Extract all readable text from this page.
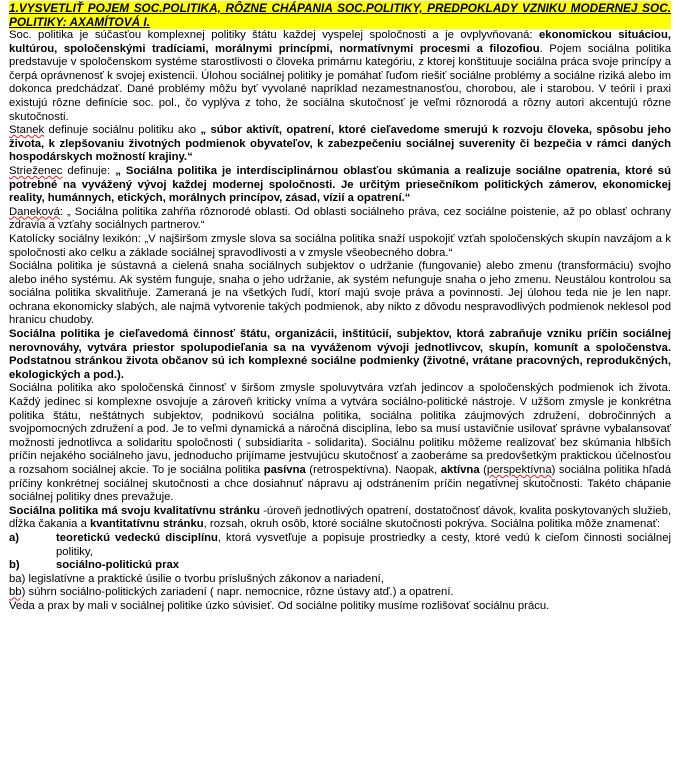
1.VYSVETLIŤ POJEM SOC.POLITIKA, RÔZNE CHÁPANIA SOC.POLITIKY, PREDPOKLADY VZNIKU MODERNEJ SOC. POLITIKY: AXAMÍTOVÁ I.
Soc. politika je súčasťou komplexnej politiky štátu každej vyspelej spoločnosti a je ovplyvňovaná: ekonomickou situáciou, kultúrou, spoločenskými tradíciami, morálnymi princípmi, normatívnymi procesmi a filozofiou. Pojem sociálna politika predstavuje v spoločenskom systéme starostlivosti o človeka primárnu kategóriu, z ktorej konštituuje sociálna práca svoje princípy a čerpá oprávnenosť k svojej existencii. Úlohou sociálnej politiky je pomáhať ľuďom riešiť sociálne problémy a sociálne riziká alebo im dokonca predchádzať. Dané problémy môžu byť vyvolané napríklad nezamestnanosťou, chorobou, ale i starobou. V teórii i praxi existujú rôzne definície soc. pol., čo vyplýva z toho, že sociálna skutočnosť je veľmi rôznorodá a rôzny autori akcentujú rôzne skutočnosti.
Stanek definuje sociálnu politiku ako „ súbor aktivít, opatrení, ktoré cieľavedome smerujú k rozvoju človeka, spôsobu jeho života, k zlepšovaniu životných podmienok obyvateľov, k zabezpečeniu sociálnej suverenity či bezpečia v rámci daných hospodárskych možností krajiny.“
Strieženec definuje: „ Sociálna politika je interdisciplinárnou oblasťou skúmania a realizuje sociálne opatrenia, ktoré sú potrebné na vyvážený vývoj každej modernej spoločnosti. Je určitým priesečníkom politických zámerov, ekonomickej reality, humánnych, etických, morálnych princípov, zásad, vízií a opatrení.“
Daneková: „ Sociálna politika zahŕňa rôznorodé oblasti. Od oblasti sociálneho práva, cez sociálne poistenie, až po oblasť ochrany zdravia a vzťahy sociálnych partnerov.“
Katolícky sociálny lexikón: „V najširšom zmysle slova sa sociálna politika snaží uspokojiť vzťah spoločenských skupín navzájom a k spoločnosti ako celku a základe sociálnej spravodlivosti a v zmysle všeobecného dobra.“
Sociálna politika je sústavná a cielená snaha sociálnych subjektov o udržanie (fungovanie) alebo zmenu (transformáciu) svojho alebo iného systému. Ak systém funguje, snaha o jeho udržanie, ak systém nefunguje snaha o jeho zmenu. Neustálou kontrolou sa sociálna politika skvalitňuje. Zameraná je na všetkých ľudí, ktorí majú svoje práva a povinnosti. Jej úlohou teda nie je len napr. ochrana ekonomicky slabých, ale najmä vytvorenie takých podmienok, aby nikto z dôvodu nespravodlivých podmienok neklesol pod hranicu chudoby.
Sociálna politika je cieľavedomá činnosť štátu, organizácii, inštitúcií, subjektov, ktorá zabraňuje vzniku príčin sociálnej nerovnováhy, vytvára priestor spolupodieľania sa na vyváženom vývoji jednotlivcov, skupín, komunít a spoločenstva. Podstatnou stránkou života občanov sú ich komplexné sociálne podmienky (životné, vrátane pracovných, reprodukčných, ekologických a pod.).
Sociálna politika ako spoločenská činnosť v širšom zmysle spoluvytvára vzťah jedincov a spoločenských podmienok ich života. Každý jedinec si komplexne osvojuje a zároveň kriticky vníma a vytvára sociálno-politické nástroje. V užšom zmysle je konkrétna politika štátu, neštátnych subjektov, podnikovú sociálna politika, sociálna politika záujmových združení, dobročinných a svojpomocných združení a pod. Je to veľmi dynamická a náročná disciplína, lebo sa musí ustavičnie usilovať správne vybalansovať možnosti jednotlivca a solidaritu spoločnosti ( subsidiarita - solidarita). Sociálnu politiku môžeme realizovať bez skúmania hlbších príčin nejakého sociálneho javu, jednoducho prijímame jestvujúcu skutočnosť a zaoberáme sa predovšetkým praktickou účelnosťou a rozsahom sociálnej akcie. To je sociálna politika pasívna (retrospektívna). Naopak, aktívna (perspektívna) sociálna politika hľadá príčiny konkrétnej sociálnej skutočnosti a chce dosiahnuť nápravu aj odstránením príčin negatívnej skutočnosti. Takéto chápanie sociálnej politiky dnes prevažuje.
Sociálna politika má svoju kvalitatívnu stránku -úroveň jednotlivých opatrení, dostatočnosť dávok, kvalita poskytovaných služieb, dĺžka čakania a kvantitatívnu stránku, rozsah, okruh osôb, ktoré sociálne skutočnosti pokrýva. Sociálna politika môže znamenať:
a)	teoretickú vedeckú disciplínu, ktorá vysvetľuje a popisuje prostriedky a cesty, ktoré vedú k cieľom činnosti sociálnej politiky,
b)	sociálno-politickú prax
ba) legislatívne a praktické úsilie o tvorbu príslušných zákonov a nariadení,
bb) súhrn sociálno-politických zariadení ( napr. nemocnice, rôzne ústavy atď.) a opatrení.
Veda a prax by mali v sociálnej politike úzko súvisieť. Od sociálne politiky musíme rozlišovať sociálnu prácu.
